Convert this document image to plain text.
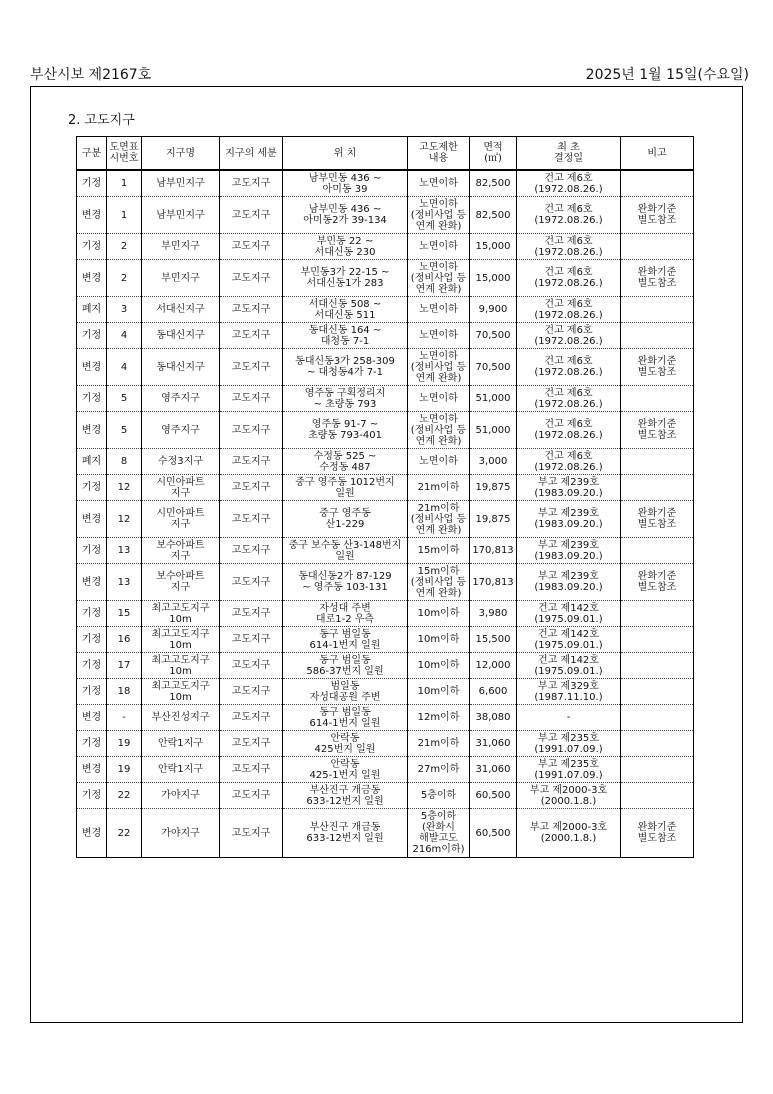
부산시보 제2167호	2025년 1월 15일(수요일)
2. 고도지구
구분	도면표
시번호	지구명	지구의 세분	위 치	고도제한
내용	면적
(㎡)	최 초
결정일	비고

기정	1	남부민지구	고도지구	남부민동 436 ~
아미동 39	노면이하	82,500	건고 제6호
(1972.08.26.)	

변경	1	남부민지구	고도지구	남부민동 436 ~
아미동2가 39-134	노면이하
(정비사업 등
연계 완화)	82,500	건고 제6호
(1972.08.26.)	완화기준
별도참조

기정	2	부민지구	고도지구	부민동 22 ~
서대신동 230	노면이하	15,000	건고 제6호
(1972.08.26.)	

변경	2	부민지구	고도지구	부민동3가 22-15 ~
서대신동1가 283	노면이하
(정비사업 등
연계 완화)	15,000	건고 제6호
(1972.08.26.)	완화기준
별도참조

폐지	3	서대신지구	고도지구	서대신동 508 ~
서대신동 511	노면이하	9,900	건고 제6호
(1972.08.26.)	

기정	4	동대신지구	고도지구	동대신동 164 ~
대청동 7-1	노면이하	70,500	건고 제6호
(1972.08.26.)	

변경	4	동대신지구	고도지구	동대신동3가 258-309
~ 대청동4가 7-1	노면이하
(정비사업 등
연계 완화)	70,500	건고 제6호
(1972.08.26.)	완화기준
별도참조

기정	5	영주지구	고도지구	영주동 구획정리지
~ 초량동 793	노면이하	51,000	건고 제6호
(1972.08.26.)	

변경	5	영주지구	고도지구	영주동 91-7 ~
초량동 793-401	노면이하
(정비사업 등
연계 완화)	51,000	건고 제6호
(1972.08.26.)	완화기준
별도참조

폐지	8	수정3지구	고도지구	수정동 525 ~
수정동 487	노면이하	3,000	건고 제6호
(1972.08.26.)	

기정	12	시민아파트
지구	고도지구	중구 영주동 1012번지
일원	21m이하	19,875	부고 제239호
(1983.09.20.)	

변경	12	시민아파트
지구	고도지구	중구 영주동
산1-229	21m이하
(정비사업 등
연계 완화)	19,875	부고 제239호
(1983.09.20.)	완화기준
별도참조

기정	13	보수아파트
지구	고도지구	중구 보수동 산3-148번지
일원	15m이하	170,813	부고 제239호
(1983.09.20.)	

변경	13	보수아파트
지구	고도지구	동대신동2가 87-129
~ 영주동 103-131	15m이하
(정비사업 등
연계 완화)	170,813	부고 제239호
(1983.09.20.)	완화기준
별도참조

기정	15	최고고도지구
10m	고도지구	자성대 주변
대로1-2 우측	10m이하	3,980	건고 제142호
(1975.09.01.)	

기정	16	최고고도지구
10m	고도지구	동구 범일동
614-1번지 일원	10m이하	15,500	건고 제142호
(1975.09.01.)	

기정	17	최고고도지구
10m	고도지구	동구 범일동
586-37번지 일원	10m이하	12,000	건고 제142호
(1975.09.01.)	

기정	18	최고고도지구
10m	고도지구	범일동
자성대공원 주변	10m이하	6,600	부고 제329호
(1987.11.10.)	

변경	-	부산진성지구	고도지구	동구 범일동
614-1번지 일원	12m이하	38,080	-	

기정	19	안락1지구	고도지구	안락동
425번지 일원	21m이하	31,060	부고 제235호
(1991.07.09.)	

변경	19	안락1지구	고도지구	안락동
425-1번지 일원	27m이하	31,060	부고 제235호
(1991.07.09.)	

기정	22	가야지구	고도지구	부산진구 개금동
633-12번지 일원	5층이하	60,500	부고 제2000-3호
(2000.1.8.)	

변경	22	가야지구	고도지구	부산진구 개금동
633-12번지 일원	5층이하
(완화시
해발고도
216m이하)	60,500	부고 제2000-3호
(2000.1.8.)	완화기준
별도참조
